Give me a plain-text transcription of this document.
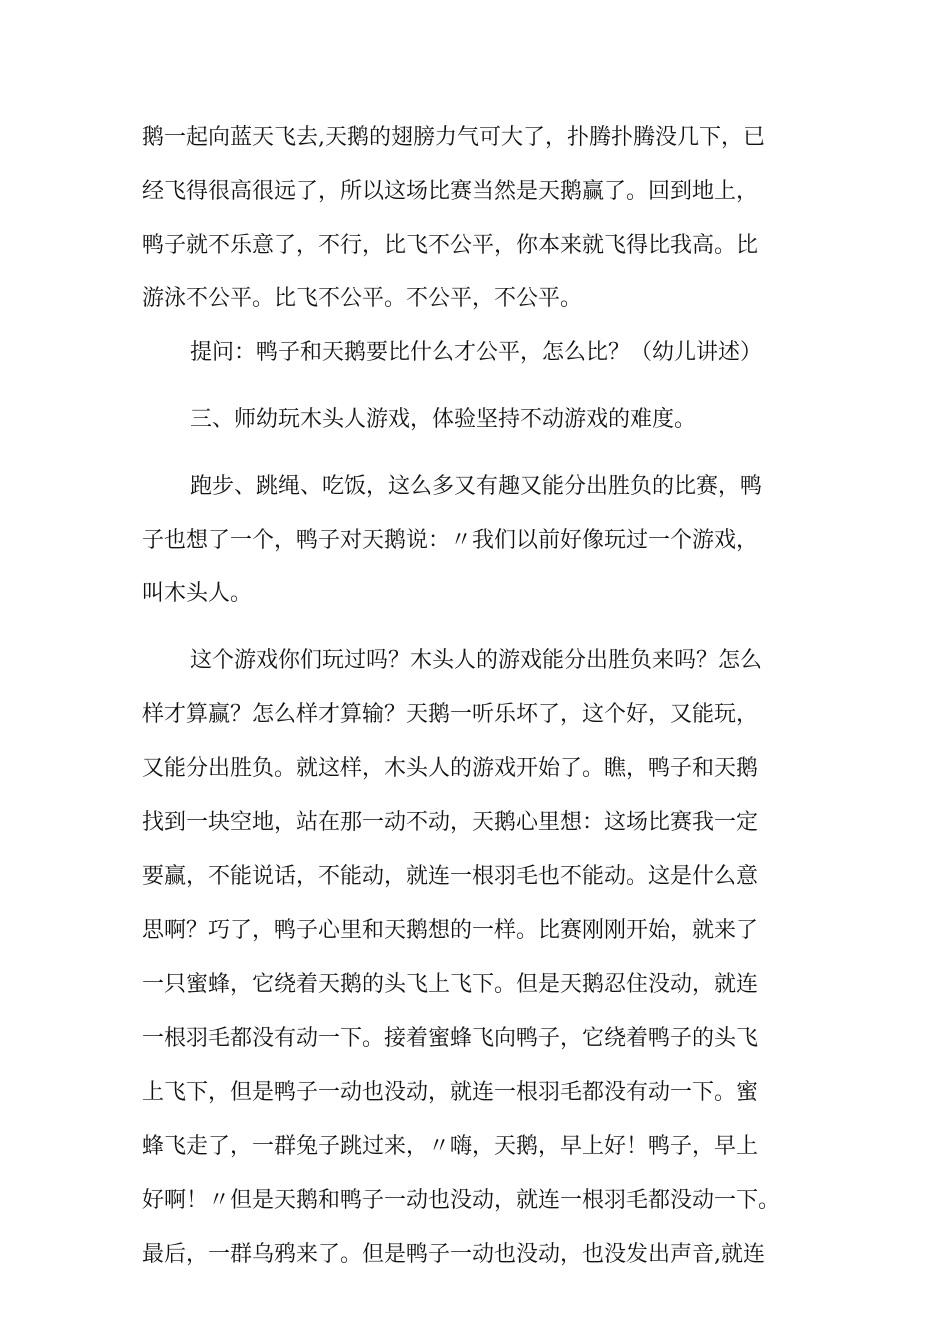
鹅一起向蓝天飞去,天鹅的翅膀力气可大了，扑腾扑腾没几下，已

经飞得很高很远了，所以这场比赛当然是天鹅赢了。回到地上，

鸭子就不乐意了，不行，比飞不公平，你本来就飞得比我高。比

游泳不公平。比飞不公平。不公平，不公平。

提问：鸭子和天鹅要比什么才公平，怎么比？（幼儿讲述）

三、师幼玩木头人游戏，体验坚持不动游戏的难度。

跑步、跳绳、吃饭，这么多又有趣又能分出胜负的比赛，鸭

子也想了一个，鸭子对天鹅说：〃我们以前好像玩过一个游戏，

叫木头人。

这个游戏你们玩过吗？木头人的游戏能分出胜负来吗？怎么

样才算赢？怎么样才算输？天鹅一听乐坏了，这个好，又能玩，

又能分出胜负。就这样，木头人的游戏开始了。瞧，鸭子和天鹅

找到一块空地，站在那一动不动，天鹅心里想：这场比赛我一定

要赢，不能说话，不能动，就连一根羽毛也不能动。这是什么意

思啊？巧了，鸭子心里和天鹅想的一样。比赛刚刚开始，就来了

一只蜜蜂，它绕着天鹅的头飞上飞下。但是天鹅忍住没动，就连

一根羽毛都没有动一下。接着蜜蜂飞向鸭子，它绕着鸭子的头飞

上飞下，但是鸭子一动也没动，就连一根羽毛都没有动一下。蜜

蜂飞走了，一群兔子跳过来，〃嗨，天鹅，早上好！鸭子，早上

好啊！〃但是天鹅和鸭子一动也没动，就连一根羽毛都没动一下。

最后，一群乌鸦来了。但是鸭子一动也没动，也没发出声音,就连
